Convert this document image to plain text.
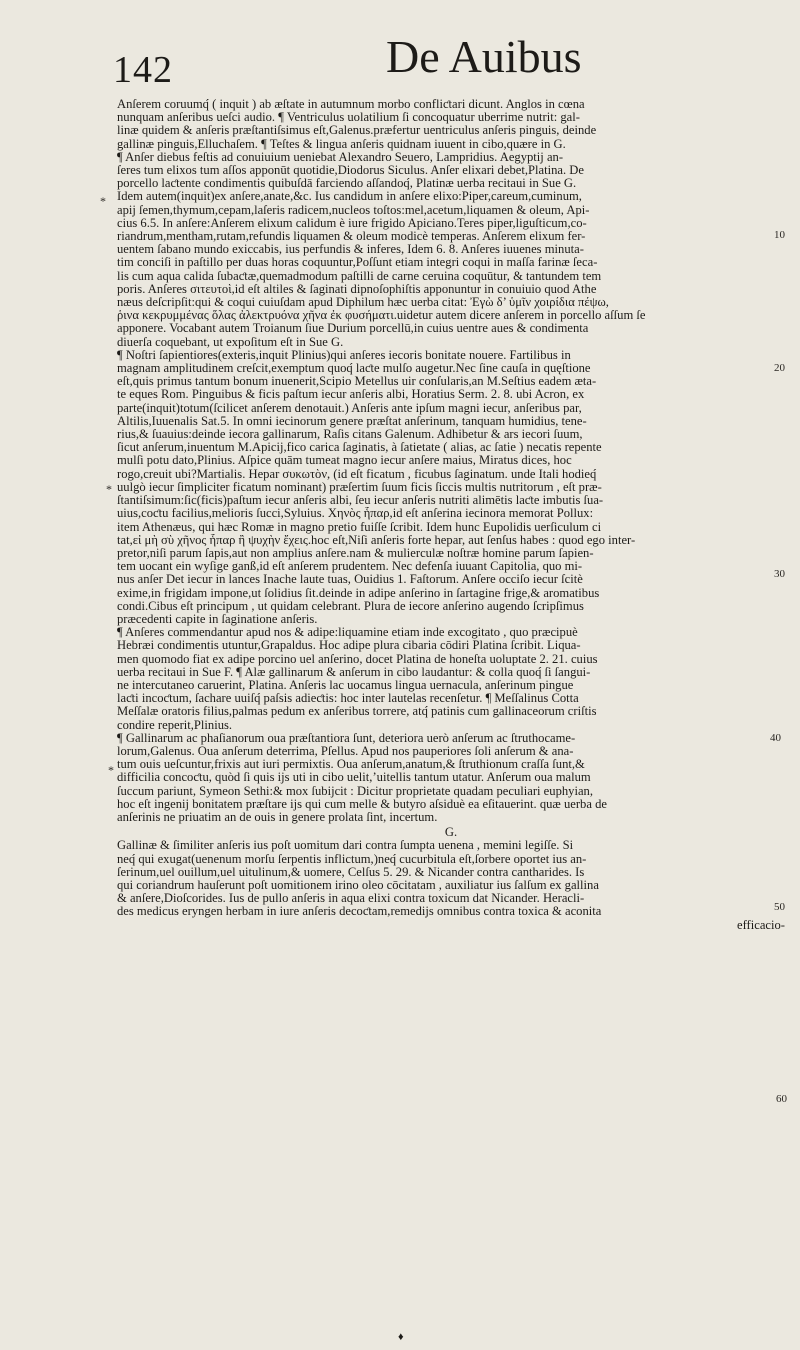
142	De Auibus
Anſerem coruumq́ ( inquit ) ab æſtate in autumnum morbo confliƈtari dicunt. Anglos in cœna
nunquam anſeribus ueſci audio. ¶ Ventriculus uolatilium ſi concoquatur uberrime nutrit: gal-
linæ quidem & anſeris præſtantiſsimus eſt,Galenus.præfertur uentriculus anſeris pinguis, deinde
gallinæ pinguis,Elluchaſem. ¶ Teſtes & lingua anſeris quidnam iuuent in cibo,quære in G.
¶ Anſer diebus feſtis ad conuiuium ueniebat Alexandro Seuero, Lampridius. Aegyptij an-
ſeres tum elixos tum aſſos apponūt quotidie,Diodorus Siculus. Anſer elixari debet,Platina. De
porcello laƈtente condimentis quibuſdā farciendo aſſandoq́, Platinæ uerba recitaui in Sue G.
Idem autem(inquit)ex anſere,anate,&c. Ius candidum in anſere elixo:Piper,careum,cuminum,
apij ſemen,thymum,cepam,laſeris radicem,nucleos toſtos:mel,acetum,liquamen & oleum, Api-
cius 6.5. In anſere:Anſerem elixum calidum è iure frigido Apiciano.Teres piper,liguſticum,co-
riandrum,mentham,rutam,refundis liquamen & oleum modicè temperas. Anſerem elixum fer-
uentem ſabano mundo exiccabis, ius perfundis & inferes, Idem 6. 8. Anſeres iuuenes minuta-
tim conciſi in paſtillo per duas horas coquuntur,Poſſunt etiam integri coqui in maſſa farinæ ſeca-
lis cum aqua calida ſubaƈtæ,quemadmodum paſtilli de carne ceruina coquūtur, & tantundem tem
poris. Anſeres σιτευτοὶ,id eſt altiles & ſaginati dipnoſophiſtis apponuntur in conuiuio quod Athe
næus deſcripſit:qui & coqui cuiuſdam apud Diphilum hæc uerba citat: Ἐγὼ δ’ ὑμῖν χοιρίδια πέψω,
ῥινα κεκρυμμένας ὅλας ἀλεκτρυόνα χῆνα ἐκ φυσήματι.uidetur autem dicere anſerem in porcello aſſum ſe
apponere. Vocabant autem Troianum ſiue Durium porcellū,in cuius uentre aues & condimenta
diuerſa coquebant, ut expoſitum eſt in Sue G.
¶ Noſtri ſapientiores(exteris,inquit Plinius)qui anſeres iecoris bonitate nouere. Fartilibus in
magnam amplitudinem creſcit,exemptum quoq́ laƈte mulſo augetur.Nec ſine cauſa in quęſtione
eſt,quis primus tantum bonum inuenerit,Scipio Metellus uir conſularis,an M.Seſtius eadem æta-
te eques Rom. Pinguibus & ficis paſtum iecur anſeris albi, Horatius Serm. 2. 8. ubi Acron, ex
parte(inquit)totum(ſcilicet anſerem denotauit.) Anſeris ante ipſum magni iecur, anſeribus par,
Altilis,Iuuenalis Sat.5. In omni iecinorum genere præſtat anſerinum, tanquam humidius, tene-
rius,& ſuauius:deinde iecora gallinarum, Raſis citans Galenum. Adhibetur & ars iecori ſuum,
ſicut anſerum,inuentum M.Apicij,fico carica ſaginatis, à ſatietate ( alias, ac ſatie ) necatis repente
mulſi potu dato,Plinius. Aſpice quām tumeat magno iecur anſere maius, Miratus dices, hoc
rogo,creuit ubi?Martialis. Hepar συκωτὸν, (id eſt ficatum , ficubus ſaginatum. unde Itali hodieq́
uulgò iecur ſimpliciter ficatum nominant) præſertim ſuum ficis ſiccis multis nutritorum , eſt præ-
ſtantiſsimum:ſic(ficis)paſtum iecur anſeris albi, ſeu iecur anſeris nutriti alimētis laƈte imbutis ſua-
uius,coƈtu facilius,melioris ſucci,Syluius. Χηνὸς ἧπαρ,id eſt anſerina iecinora memorat Pollux:
item Athenæus, qui hæc Romæ in magno pretio fuiſſe ſcribit. Idem hunc Eupolidis uerſiculum ci
tat,εἰ μὴ σὺ χῆνος ἧπαρ ἢ ψυχὴν ἔχεις.hoc eſt,Niſi anſeris forte hepar, aut ſenſus habes : quod ego inter-
pretor,niſi parum ſapis,aut non amplius anſere.nam & mulierculæ noſtræ homine parum ſapien-
tem uocant ein wyſige ganß,id eſt anſerem prudentem. Nec defenſa iuuant Capitolia, quo mi-
nus anſer Det iecur in lances Inache laute tuas, Ouidius 1. Faſtorum. Anſere occiſo iecur ſcitè
exime,in frigidam impone,ut ſolidius ſit.deinde in adipe anſerino in ſartagine frige,& aromatibus
condi.Cibus eſt principum , ut quidam celebrant. Plura de iecore anſerino augendo ſcripſimus
præcedenti capite in ſaginatione anſeris.
¶ Anſeres commendantur apud nos & adipe:liquamine etiam inde excogitato , quo præcipuè
Hebræi condimentis utuntur,Grapaldus. Hoc adipe plura cibaria cōdiri Platina ſcribit. Liqua-
men quomodo fiat ex adipe porcino uel anſerino, docet Platina de honeſta uoluptate 2. 21. cuius
uerba recitaui in Sue F. ¶ Alæ gallinarum & anſerum in cibo laudantur: & colla quoq́ ſi ſangui-
ne intercutaneo caruerint, Platina. Anſeris lac uocamus lingua uernacula, anſerinum pingue
laƈti incoƈtum, ſachare uuiſq́ paſsis adieƈtis: hoc inter lautelas recenſetur. ¶ Meſſalinus Cotta
Meſſalæ oratoris filius,palmas pedum ex anſeribus torrere, atq́ patinis cum gallinaceorum criſtis
condire reperit,Plinius.
¶ Gallinarum ac phaſianorum oua præſtantiora ſunt, deteriora uerò anſerum ac ſtruthocame-
lorum,Galenus. Oua anſerum deterrima, Pſellus. Apud nos pauperiores ſoli anſerum & ana-
tum ouis ueſcuntur,frixis aut iuri permixtis. Oua anſerum,anatum,& ſtruthionum craſſa ſunt,&
difficilia concoƈtu, quòd ſi quis ijs uti in cibo uelit,’uitellis tantum utatur. Anſerum oua malum
ſuccum pariunt, Symeon Sethi:& mox ſubijcit : Dicitur proprietate quadam peculiari euphyian,
hoc eſt ingenij bonitatem præſtare ijs qui cum melle & butyro aſsiduè ea eſitauerint. quæ uerba de
anſerinis ne priuatim an de ouis in genere prolata ſint, incertum.
G.
Gallinæ & ſimiliter anſeris ius poſt uomitum dari contra ſumpta uenena , memini legiſſe. Si
neq́ qui exugat(uenenum morſu ſerpentis inflictum,)neq́ cucurbitula eſt,ſorbere oportet ius an-
ſerinum,uel ouillum,uel uitulinum,& uomere, Celſus 5. 29. & Nicander contra cantharides. Is
qui coriandrum hauſerunt poſt uomitionem irino oleo cōcitatam , auxiliatur ius ſalſum ex gallina
& anſere,Dioſcorides. Ius de pullo anſeris in aqua elixi contra toxicum dat Nicander. Heracli-
des medicus eryngen herbam in iure anſeris decoƈtam,remedijs omnibus contra toxica & aconita
efficacio-
10
20
30
40
50
60
*
*
*
♦
